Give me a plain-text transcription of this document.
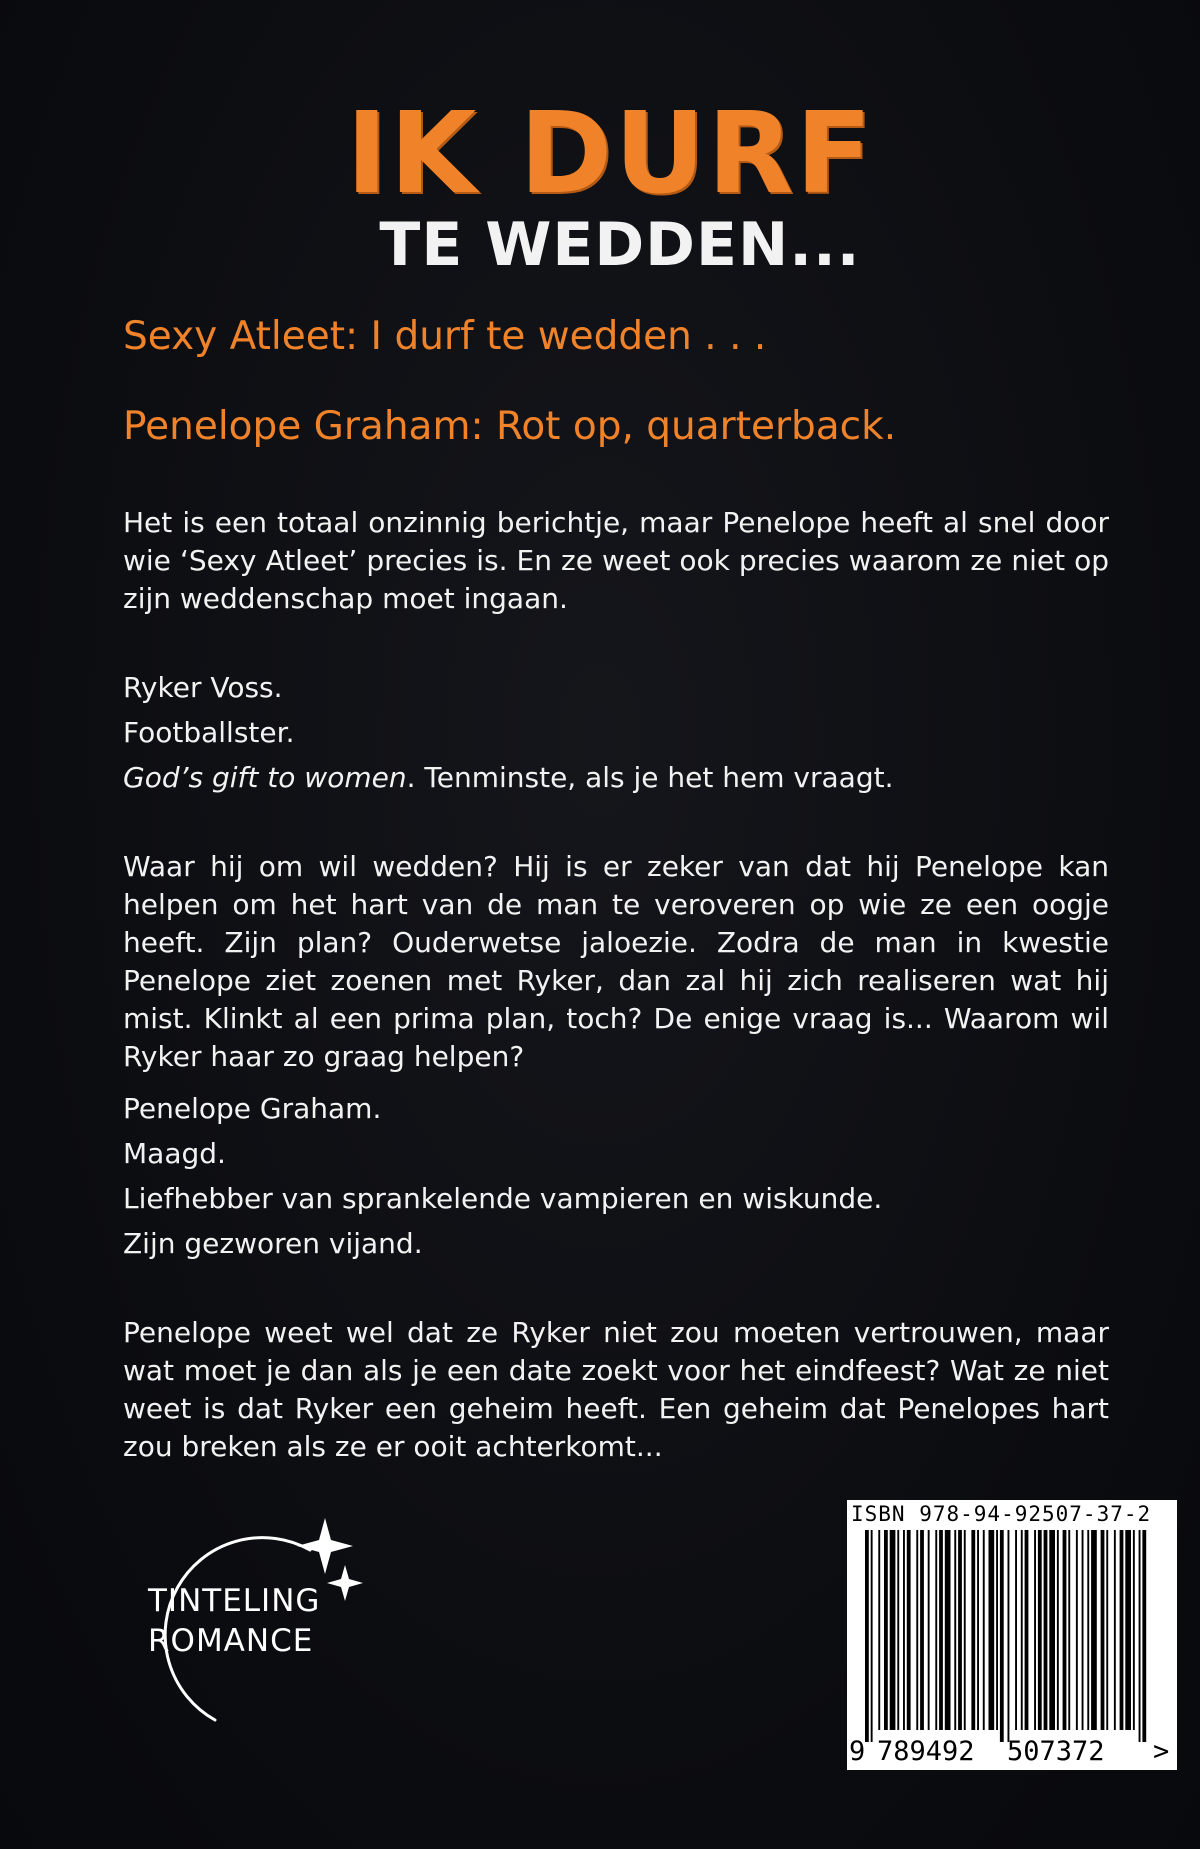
IK DURF
TE WEDDEN...
Sexy Atleet: I durf te wedden . . .
Penelope Graham: Rot op, quarterback.

Het is een totaal onzinnig berichtje, maar Penelope heeft al snel door wie ‘Sexy Atleet’ precies is. En ze weet ook precies waarom ze niet op zijn weddenschap moet ingaan.

Ryker Voss.
Footballster.
God’s gift to women. Tenminste, als je het hem vraagt.

Waar hij om wil wedden? Hij is er zeker van dat hij Penelope kan helpen om het hart van de man te veroveren op wie ze een oogje heeft. Zijn plan? Ouderwetse jaloezie. Zodra de man in kwestie Penelope ziet zoenen met Ryker, dan zal hij zich realiseren wat hij mist. Klinkt al een prima plan, toch? De enige vraag is... Waarom wil Ryker haar zo graag helpen?

Penelope Graham.
Maagd.
Liefhebber van sprankelende vampieren en wiskunde.
Zijn gezworen vijand.

Penelope weet wel dat ze Ryker niet zou moeten vertrouwen, maar wat moet je dan als je een date zoekt voor het eindfeest? Wat ze niet weet is dat Ryker een geheim heeft. Een geheim dat Penelopes hart zou breken als ze er ooit achterkomt...

TINTELING
ROMANCE
ISBN 978-94-92507-37-2
9 789492 507372 >
